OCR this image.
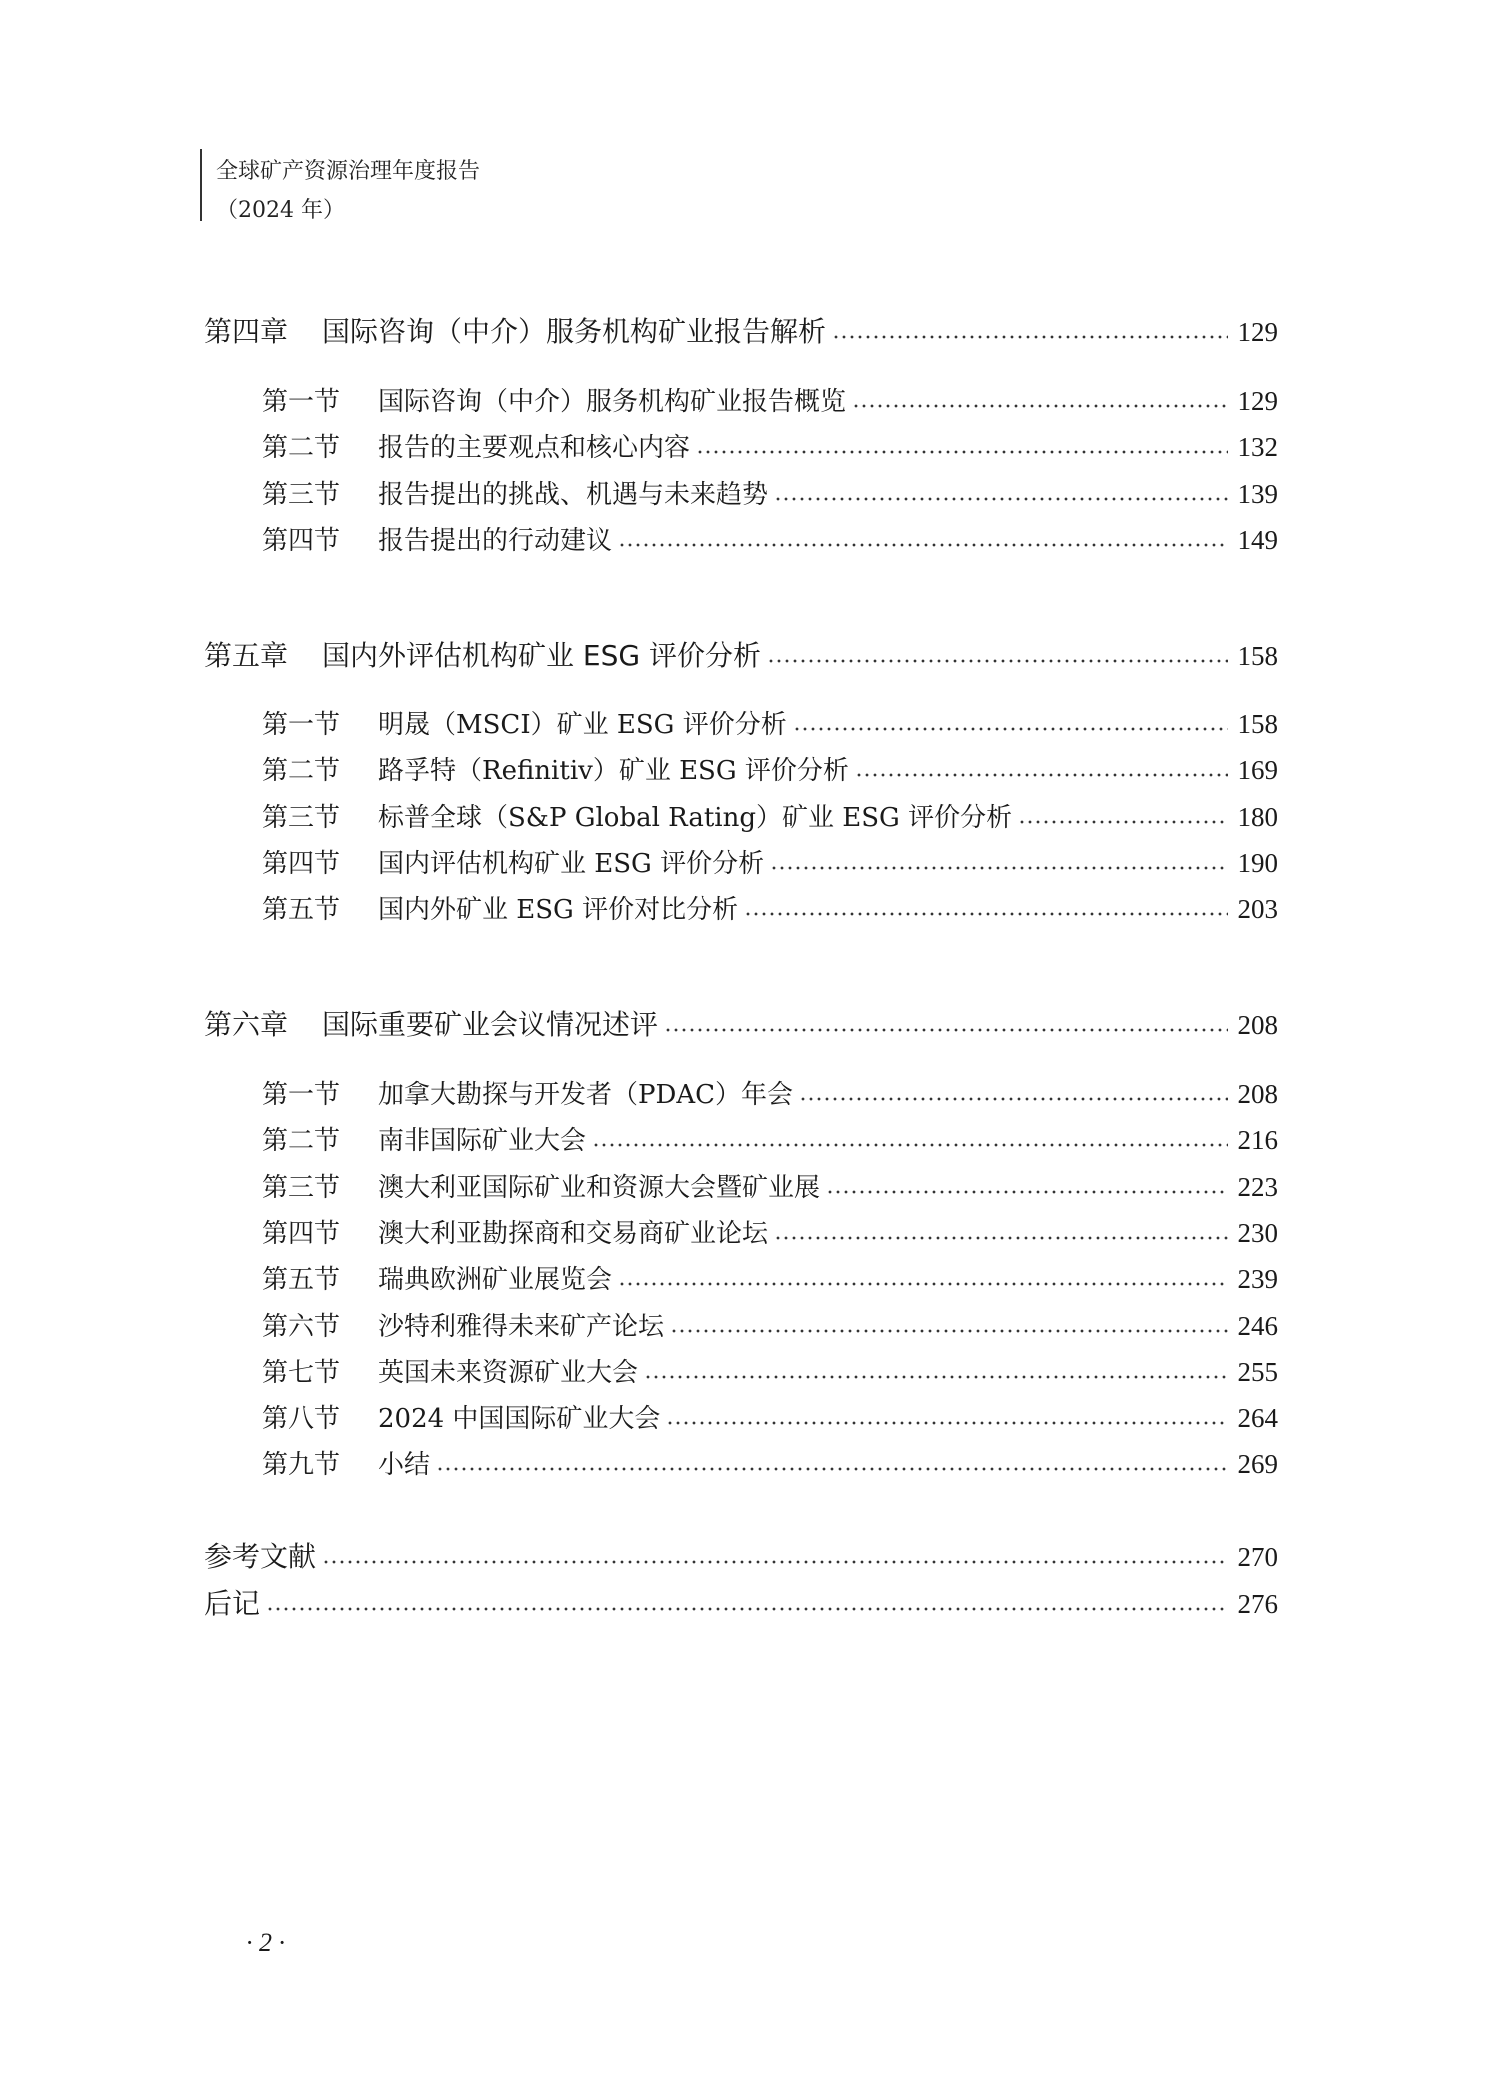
全球矿产资源治理年度报告
（2024 年）
第四章 国际咨询（中介）服务机构矿业报告解析	129
第一节 国际咨询（中介）服务机构矿业报告概览	129
第二节 报告的主要观点和核心内容	132
第三节 报告提出的挑战、机遇与未来趋势	139
第四节 报告提出的行动建议	149
第五章 国内外评估机构矿业 ESG 评价分析	158
第一节 明晟（MSCI）矿业 ESG 评价分析	158
第二节 路孚特（Refinitiv）矿业 ESG 评价分析	169
第三节 标普全球（S&P Global Rating）矿业 ESG 评价分析	180
第四节 国内评估机构矿业 ESG 评价分析	190
第五节 国内外矿业 ESG 评价对比分析	203
第六章 国际重要矿业会议情况述评	208
第一节 加拿大勘探与开发者（PDAC）年会	208
第二节 南非国际矿业大会	216
第三节 澳大利亚国际矿业和资源大会暨矿业展	223
第四节 澳大利亚勘探商和交易商矿业论坛	230
第五节 瑞典欧洲矿业展览会	239
第六节 沙特利雅得未来矿产论坛	246
第七节 英国未来资源矿业大会	255
第八节 2024 中国国际矿业大会	264
第九节 小结	269
参考文献	270
后记	276
· 2 ·
